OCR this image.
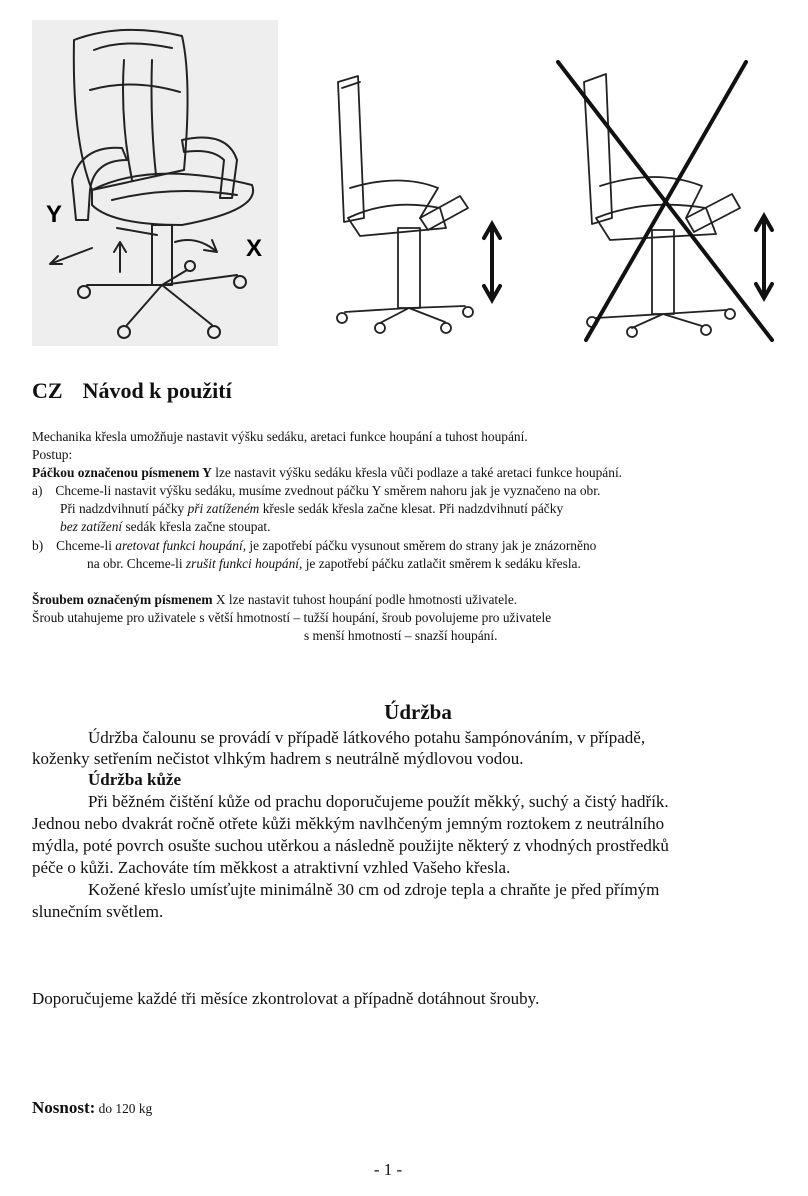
Y
X
CZ Návod k použití
Mechanika křesla umožňuje nastavit výšku sedáku, aretaci funkce houpání a tuhost houpání.
Postup:
Páčkou označenou písmenem Y lze nastavit výšku sedáku křesla vůči podlaze a také aretaci funkce houpání.
a) Chceme-li nastavit výšku sedáku, musíme zvednout páčku Y směrem nahoru jak je vyznačeno na obr.
Při nadzdvihnutí páčky při zatíženém křesle sedák křesla začne klesat. Při nadzdvihnutí páčky
bez zatížení sedák křesla začne stoupat.
b) Chceme-li aretovat funkci houpání, je zapotřebí páčku vysunout směrem do strany jak je znázorněno
na obr. Chceme-li zrušit funkci houpání, je zapotřebí páčku zatlačit směrem k sedáku křesla.
Šroubem označeným písmenem X lze nastavit tuhost houpání podle hmotnosti uživatele.
Šroub utahujeme pro uživatele s větší hmotností – tužší houpání, šroub povolujeme pro uživatele
s menší hmotností – snazší houpání.
Údržba
Údržba čalounu se provádí v případě látkového potahu šampónováním, v případě,
koženky setřením nečistot vlhkým hadrem s neutrálně mýdlovou vodou.
Údržba kůže
Při běžném čištění kůže od prachu doporučujeme použít měkký, suchý a čistý hadřík.
Jednou nebo dvakrát ročně otřete kůži měkkým navlhčeným jemným roztokem z neutrálního
mýdla, poté povrch osušte suchou utěrkou a následně použijte některý z vhodných prostředků
péče o kůži. Zachováte tím měkkost a atraktivní vzhled Vašeho křesla.
Kožené křeslo umísťujte minimálně 30 cm od zdroje tepla a chraňte je před přímým
slunečním světlem.
Doporučujeme každé tři měsíce zkontrolovat a případně dotáhnout šrouby.
Nosnost: do 120 kg
- 1 -
